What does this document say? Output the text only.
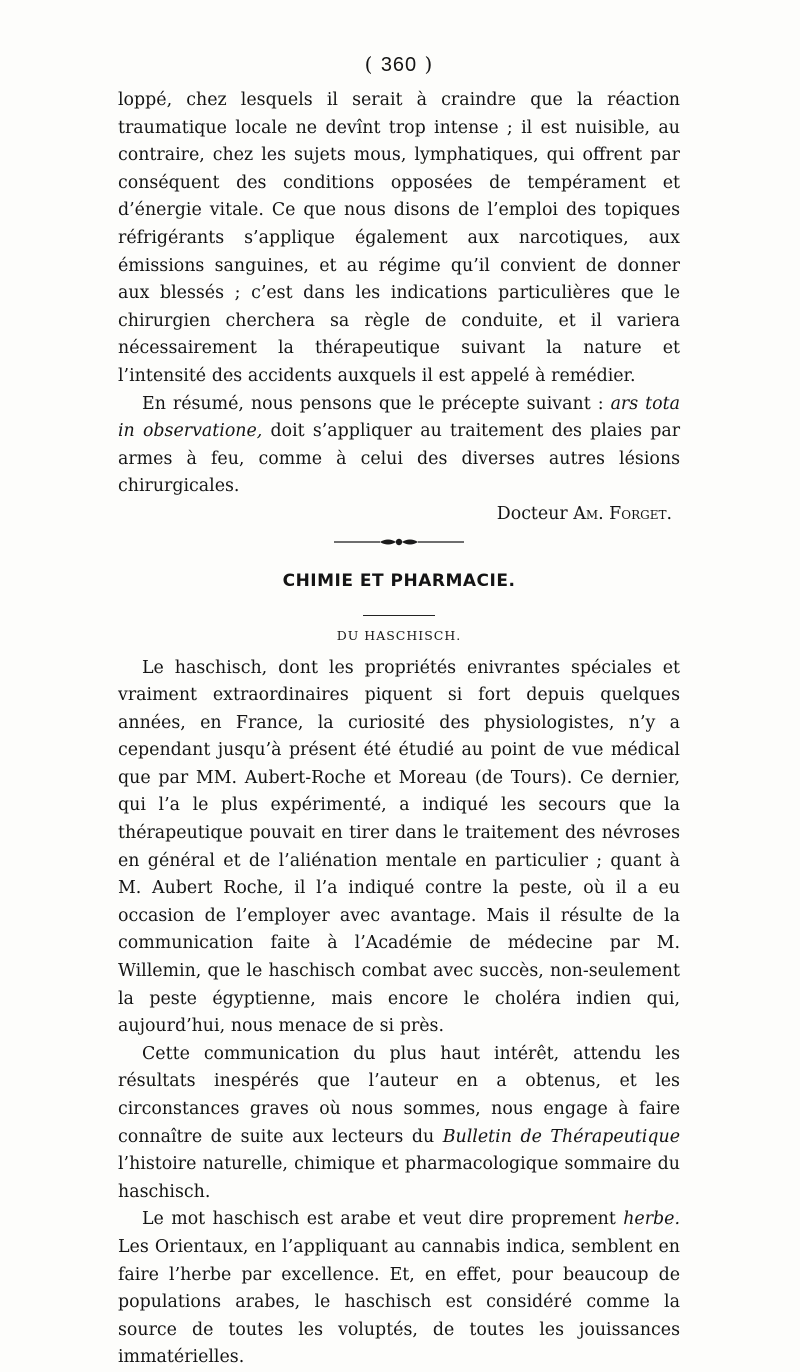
( 360 )

loppé, chez lesquels il serait à craindre que la réaction traumatique locale ne devînt trop intense ; il est nuisible, au contraire, chez les sujets mous, lymphatiques, qui offrent par conséquent des conditions opposées de tempérament et d’énergie vitale. Ce que nous disons de l’emploi des topiques réfrigérants s’applique également aux narcotiques, aux émissions sanguines, et au régime qu’il convient de donner aux blessés ; c’est dans les indications particulières que le chirurgien cherchera sa règle de conduite, et il variera nécessairement la thérapeutique suivant la nature et l’intensité des accidents auxquels il est appelé à remédier.

En résumé, nous pensons que le précepte suivant : ars tota in observatione, doit s’appliquer au traitement des plaies par armes à feu, comme à celui des diverses autres lésions chirurgicales.

Docteur Am. Forget.
CHIMIE ET PHARMACIE.
DU HASCHISCH.

Le haschisch, dont les propriétés enivrantes spéciales et vraiment extraordinaires piquent si fort depuis quelques années, en France, la curiosité des physiologistes, n’y a cependant jusqu’à présent été étudié au point de vue médical que par MM. Aubert-Roche et Moreau (de Tours). Ce dernier, qui l’a le plus expérimenté, a indiqué les secours que la thérapeutique pouvait en tirer dans le traitement des névroses en général et de l’aliénation mentale en particulier ; quant à M. Aubert Roche, il l’a indiqué contre la peste, où il a eu occasion de l’employer avec avantage. Mais il résulte de la communication faite à l’Académie de médecine par M. Willemin, que le haschisch combat avec succès, non-seulement la peste égyptienne, mais encore le choléra indien qui, aujourd’hui, nous menace de si près.

Cette communication du plus haut intérêt, attendu les résultats inespérés que l’auteur en a obtenus, et les circonstances graves où nous sommes, nous engage à faire connaître de suite aux lecteurs du Bulletin de Thérapeutique l’histoire naturelle, chimique et pharmacologique sommaire du haschisch.

Le mot haschisch est arabe et veut dire proprement herbe. Les Orientaux, en l’appliquant au cannabis indica, semblent en faire l’herbe par excellence. Et, en effet, pour beaucoup de populations arabes, le haschisch est considéré comme la source de toutes les voluptés, de toutes les jouissances immatérielles.
